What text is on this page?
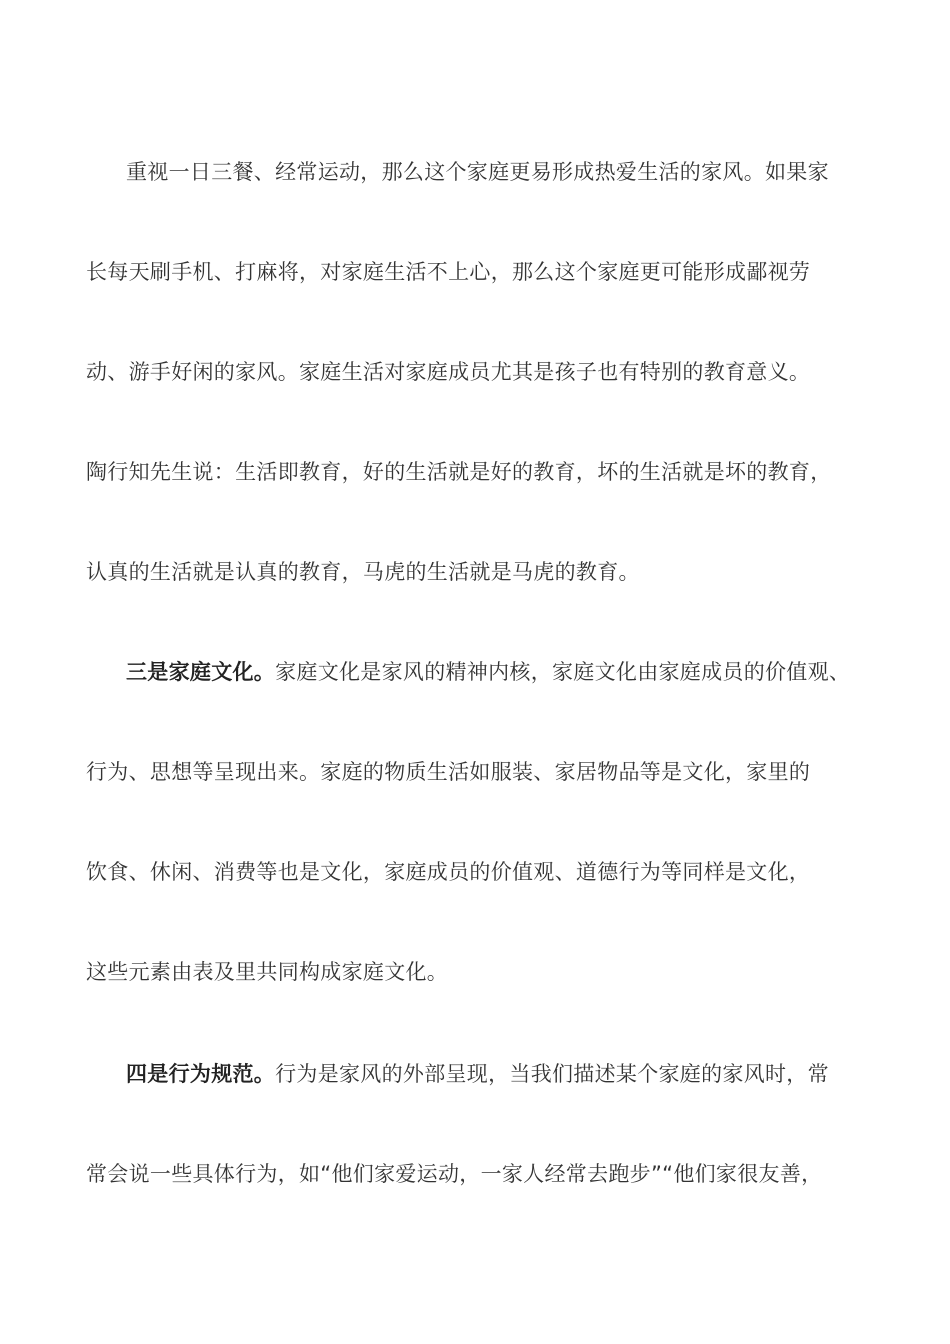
重视一日三餐、经常运动，那么这个家庭更易形成热爱生活的家风。如果家
长每天刷手机、打麻将，对家庭生活不上心，那么这个家庭更可能形成鄙视劳
动、游手好闲的家风。家庭生活对家庭成员尤其是孩子也有特别的教育意义。
陶行知先生说：生活即教育，好的生活就是好的教育，坏的生活就是坏的教育，
认真的生活就是认真的教育，马虎的生活就是马虎的教育。
三是家庭文化。家庭文化是家风的精神内核，家庭文化由家庭成员的价值观、
行为、思想等呈现出来。家庭的物质生活如服装、家居物品等是文化，家里的
饮食、休闲、消费等也是文化，家庭成员的价值观、道德行为等同样是文化，
这些元素由表及里共同构成家庭文化。
四是行为规范。行为是家风的外部呈现，当我们描述某个家庭的家风时，常
常会说一些具体行为，如“他们家爱运动，一家人经常去跑步”“他们家很友善，
